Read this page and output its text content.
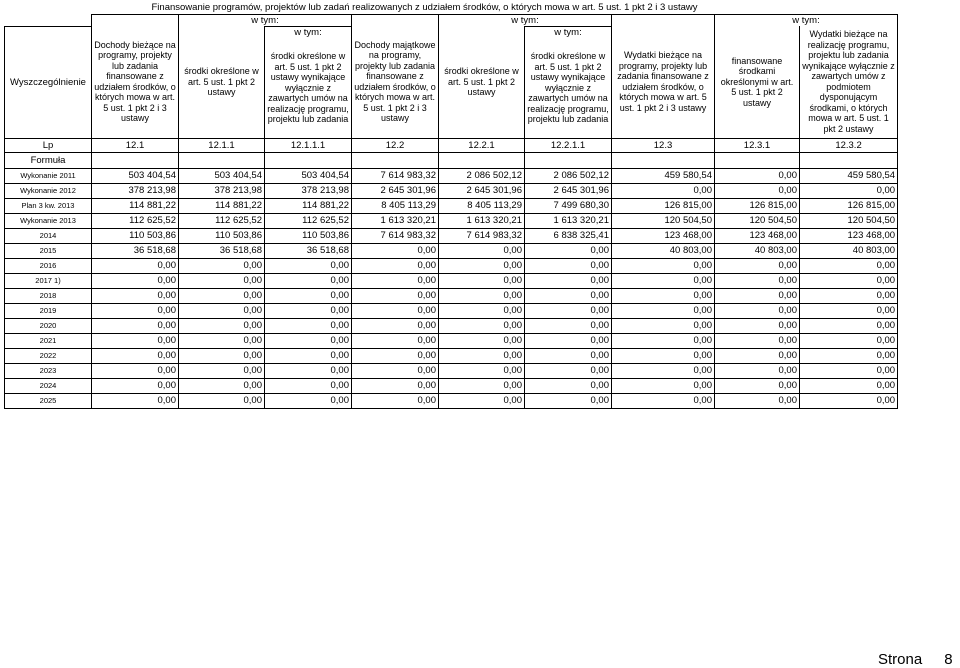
	Finansowanie programów, projektów lub zadań realizowanych z udziałem środków, o których mowa w art. 5 ust. 1 pkt 2 i 3 ustawy								
		w tym:			w tym:			w tym:	
Wyszczególnienie	Dochody bieżące na programy, projekty lub zadania finansowane z udziałem środków, o których mowa w art. 5 ust. 1 pkt 2 i 3 ustawy	środki określone w art. 5 ust. 1 pkt 2 ustawy	w tym:	Dochody majątkowe na programy, projekty lub zadania finansowane z udziałem środków, o których mowa w art. 5 ust. 1 pkt 2 i 3 ustawy	środki określone w art. 5 ust. 1 pkt 2 ustawy	w tym:	Wydatki bieżące na programy, projekty lub zadania finansowane z udziałem środków, o których mowa w art. 5 ust. 1 pkt 2 i 3 ustawy	finansowane środkami określonymi w art. 5 ust. 1 pkt 2 ustawy	Wydatki bieżące na realizację programu, projektu lub zadania wynikające wyłącznie z zawartych umów z podmiotem dysponującym środkami, o których mowa w art. 5 ust. 1 pkt 2 ustawy
			środki określone w art. 5 ust. 1 pkt 2 ustawy wynikające wyłącznie z zawartych umów na realizację programu, projektu lub zadania			środki określone w art. 5 ust. 1 pkt 2 ustawy wynikające wyłącznie z zawartych umów na realizację programu, projektu lub zadania			
Lp	12.1	12.1.1	12.1.1.1	12.2	12.2.1	12.2.1.1	12.3	12.3.1	12.3.2
Formuła									
Wykonanie 2011	503 404,54	503 404,54	503 404,54	7 614 983,32	2 086 502,12	2 086 502,12	459 580,54	0,00	459 580,54
Wykonanie 2012	378 213,98	378 213,98	378 213,98	2 645 301,96	2 645 301,96	2 645 301,96	0,00	0,00	0,00
Plan 3 kw. 2013	114 881,22	114 881,22	114 881,22	8 405 113,29	8 405 113,29	7 499 680,30	126 815,00	126 815,00	126 815,00
Wykonanie 2013	112 625,52	112 625,52	112 625,52	1 613 320,21	1 613 320,21	1 613 320,21	120 504,50	120 504,50	120 504,50
2014	110 503,86	110 503,86	110 503,86	7 614 983,32	7 614 983,32	6 838 325,41	123 468,00	123 468,00	123 468,00
2015	36 518,68	36 518,68	36 518,68	0,00	0,00	0,00	40 803,00	40 803,00	40 803,00
2016	0,00	0,00	0,00	0,00	0,00	0,00	0,00	0,00	0,00
2017 1)	0,00	0,00	0,00	0,00	0,00	0,00	0,00	0,00	0,00
2018	0,00	0,00	0,00	0,00	0,00	0,00	0,00	0,00	0,00
2019	0,00	0,00	0,00	0,00	0,00	0,00	0,00	0,00	0,00
2020	0,00	0,00	0,00	0,00	0,00	0,00	0,00	0,00	0,00
2021	0,00	0,00	0,00	0,00	0,00	0,00	0,00	0,00	0,00
2022	0,00	0,00	0,00	0,00	0,00	0,00	0,00	0,00	0,00
2023	0,00	0,00	0,00	0,00	0,00	0,00	0,00	0,00	0,00
2024	0,00	0,00	0,00	0,00	0,00	0,00	0,00	0,00	0,00
2025	0,00	0,00	0,00	0,00	0,00	0,00	0,00	0,00	0,00
Strona 8
